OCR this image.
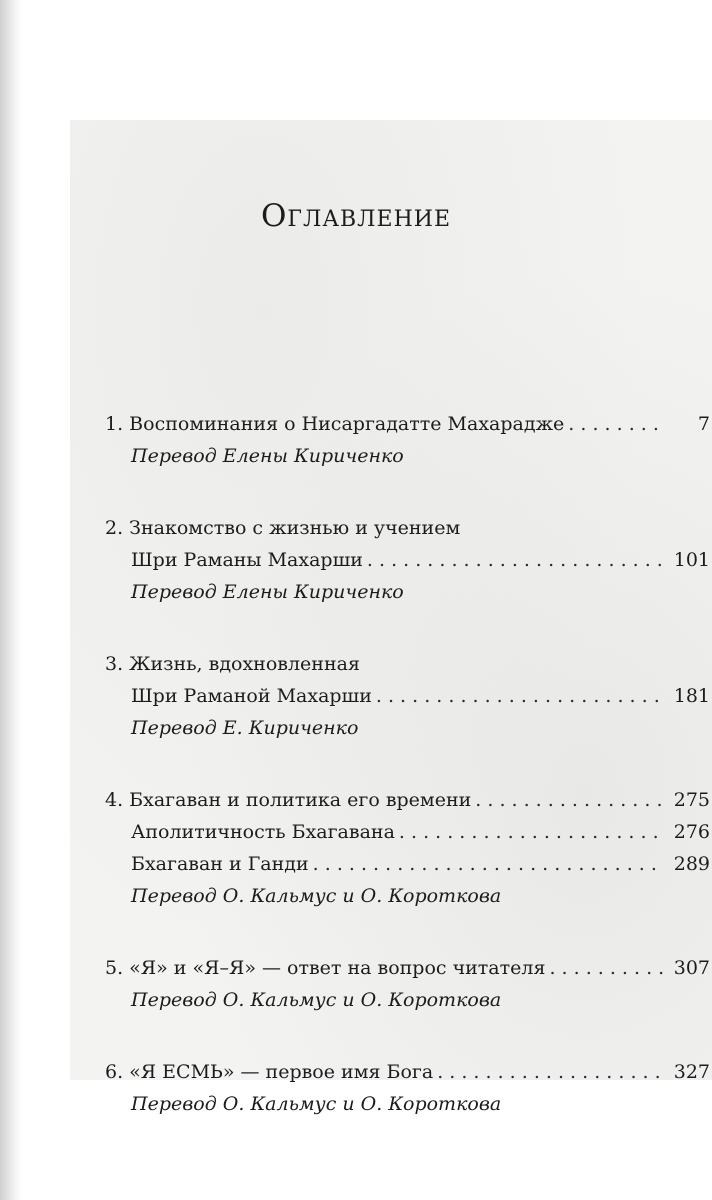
Оглавление
1. Воспоминания о Нисаргадатте Махарадже . . .	7
Перевод Елены Кириченко
2. Знакомство с жизнью и учением
Шри Раманы Махарши . . .	101
Перевод Елены Кириченко
3. Жизнь, вдохновленная
Шри Раманой Махарши . . .	181
Перевод Е. Кириченко
4. Бхагаван и политика его времени . . .	275
Аполитичность Бхагавана . . .	276
Бхагаван и Ганди . . .	289
Перевод О. Кальмус и О. Короткова
5. «Я» и «Я–Я» — ответ на вопрос читателя . . .	307
Перевод О. Кальмус и О. Короткова
6. «Я ЕСМЬ» — первое имя Бога . . .	327
Перевод О. Кальмус и О. Короткова
